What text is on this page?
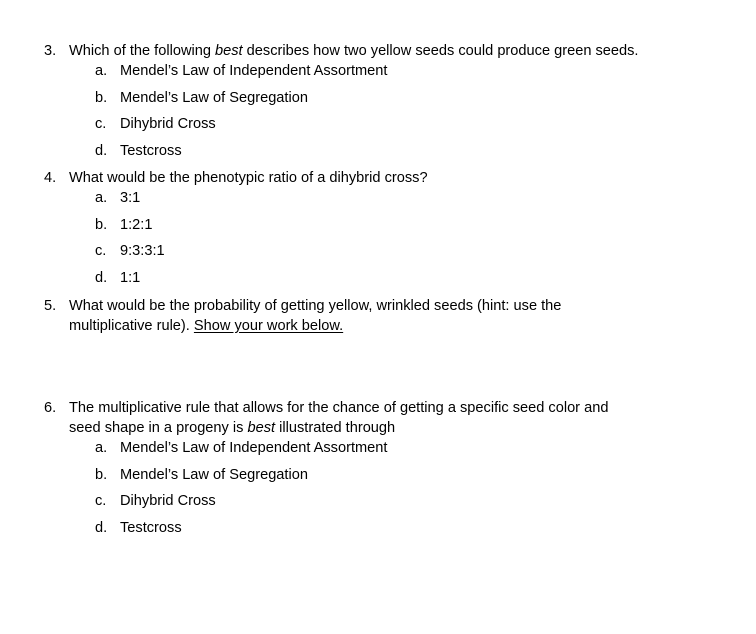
3. Which of the following best describes how two yellow seeds could produce green seeds.
a. Mendel’s Law of Independent Assortment
b. Mendel’s Law of Segregation
c. Dihybrid Cross
d. Testcross
4. What would be the phenotypic ratio of a dihybrid cross?
a. 3:1
b. 1:2:1
c. 9:3:3:1
d. 1:1
5. What would be the probability of getting yellow, wrinkled seeds (hint: use the
multiplicative rule). Show your work below.
6. The multiplicative rule that allows for the chance of getting a specific seed color and
seed shape in a progeny is best illustrated through
a. Mendel’s Law of Independent Assortment
b. Mendel’s Law of Segregation
c. Dihybrid Cross
d. Testcross
